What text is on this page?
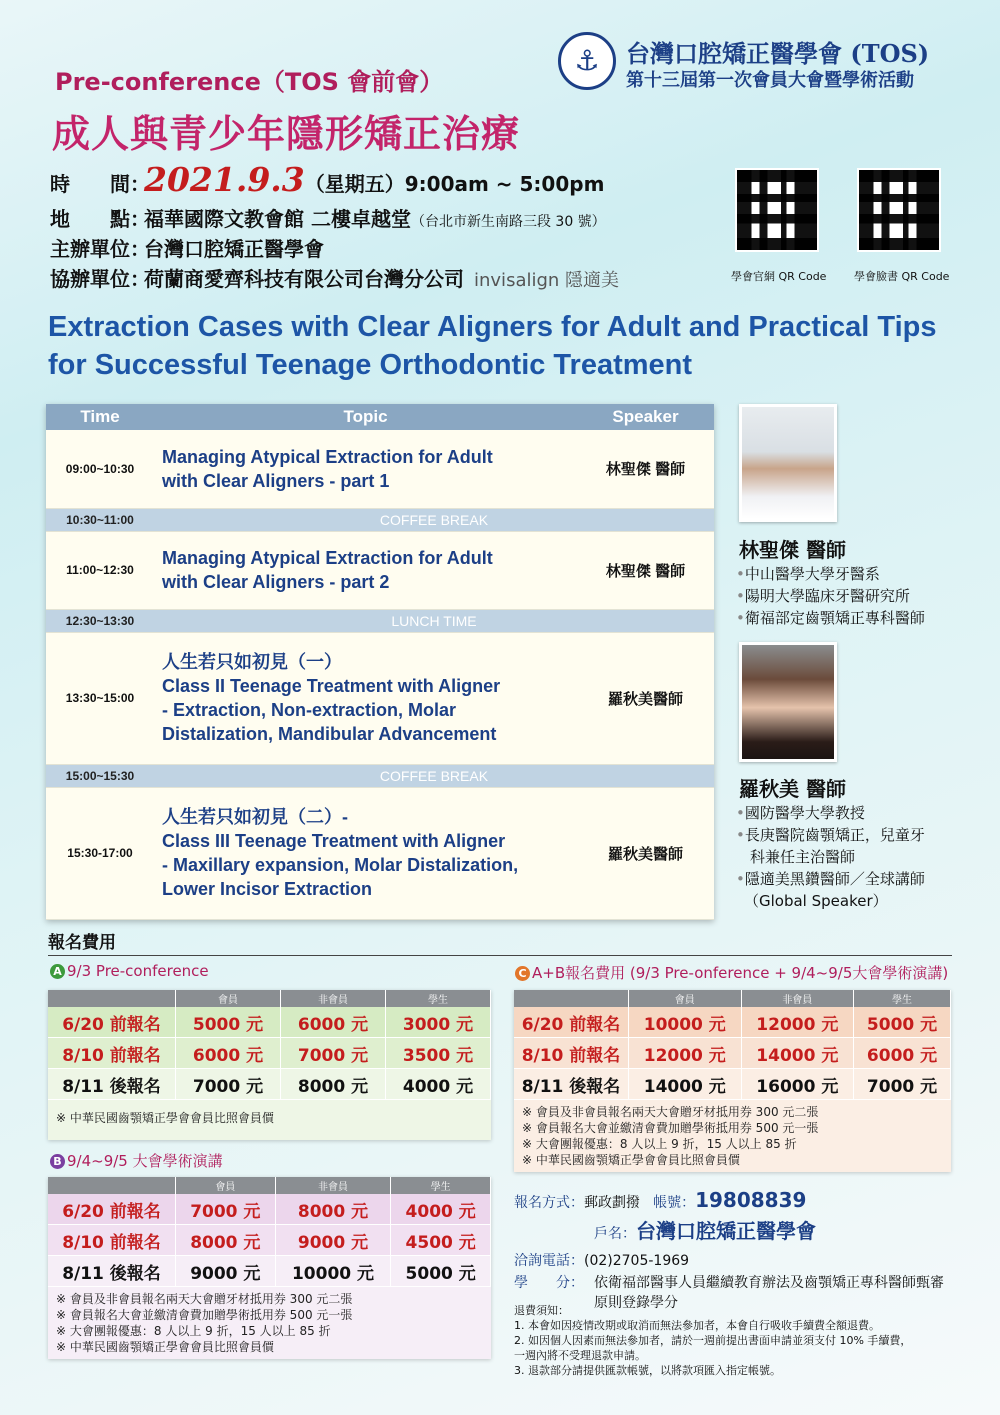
⚓	台灣口腔矯正醫學會 (TOS)
第十三屆第一次會員大會暨學術活動
Pre-conference（TOS 會前會）
成人與青少年隱形矯正治療
時　　間：2021.9.3（星期五）9:00am ~ 5:00pm
地　　點：福華國際文教會館 二樓卓越堂（台北市新生南路三段 30 號）
主辦單位：台灣口腔矯正醫學會
協辦單位：荷蘭商愛齊科技有限公司台灣分公司 invisalign 隱適美	學會官網 QR Code	學會臉書 QR Code
Extraction Cases with Clear Aligners for Adult and Practical Tips for Successful Teenage Orthodontic Treatment
Time	Topic	Speaker
09:00~10:30	Managing Atypical Extraction for Adult
with Clear Aligners - part 1	林聖傑 醫師
10:30~11:00	COFFEE BREAK	
11:00~12:30	Managing Atypical Extraction for Adult
with Clear Aligners - part 2	林聖傑 醫師
12:30~13:30	LUNCH TIME	
13:30~15:00	人生若只如初見（一）
Class II Teenage Treatment with Aligner
- Extraction, Non-extraction, Molar
Distalization, Mandibular Advancement	羅秋美醫師
15:00~15:30	COFFEE BREAK	
15:30-17:00	人生若只如初見（二）-
Class III Teenage Treatment with Aligner
- Maxillary expansion, Molar Distalization,
Lower Incisor Extraction	羅秋美醫師
林聖傑 醫師
•中山醫學大學牙醫系
•陽明大學臨床牙醫研究所
•衛福部定齒顎矯正專科醫師
羅秋美 醫師
•國防醫學大學教授
•長庚醫院齒顎矯正，兒童牙
科兼任主治醫師
•隱適美黑鑽醫師／全球講師
（Global Speaker）
報名費用
A 9/3 Pre-conference
	會員	非會員	學生
6/20 前報名	5000 元	6000 元	3000 元
8/10 前報名	6000 元	7000 元	3500 元
8/11 後報名	7000 元	8000 元	4000 元
※ 中華民國齒顎矯正學會會員比照會員價
B 9/4~9/5 大會學術演講
	會員	非會員	學生
6/20 前報名	7000 元	8000 元	4000 元
8/10 前報名	8000 元	9000 元	4500 元
8/11 後報名	9000 元	10000 元	5000 元
※ 會員及非會員報名兩天大會贈牙材抵用券 300 元二張
※ 會員報名大會並繳清會費加贈學術抵用券 500 元一張
※ 大會團報優惠：8 人以上 9 折，15 人以上 85 折
※ 中華民國齒顎矯正學會會員比照會員價
C A+B報名費用 (9/3 Pre-onference + 9/4~9/5大會學術演講)
	會員	非會員	學生
6/20 前報名	10000 元	12000 元	5000 元
8/10 前報名	12000 元	14000 元	6000 元
8/11 後報名	14000 元	16000 元	7000 元
※ 會員及非會員報名兩天大會贈牙材抵用券 300 元二張
※ 會員報名大會並繳清會費加贈學術抵用券 500 元一張
※ 大會團報優惠：8 人以上 9 折，15 人以上 85 折
※ 中華民國齒顎矯正學會會員比照會員價
報名方式：郵政劃撥 帳號：19808839
戶名：台灣口腔矯正醫學會
洽詢電話：(02)2705-1969
學　　分： 依衛福部醫事人員繼續教育辦法及齒顎矯正專科醫師甄審原則登錄學分
退費須知：
1. 本會如因疫情改期或取消而無法參加者，本會自行吸收手續費全額退費。
2. 如因個人因素而無法參加者，請於一週前提出書面申請並須支付 10% 手續費，
一週內將不受理退款申請。
3. 退款部分請提供匯款帳號，以將款項匯入指定帳號。
